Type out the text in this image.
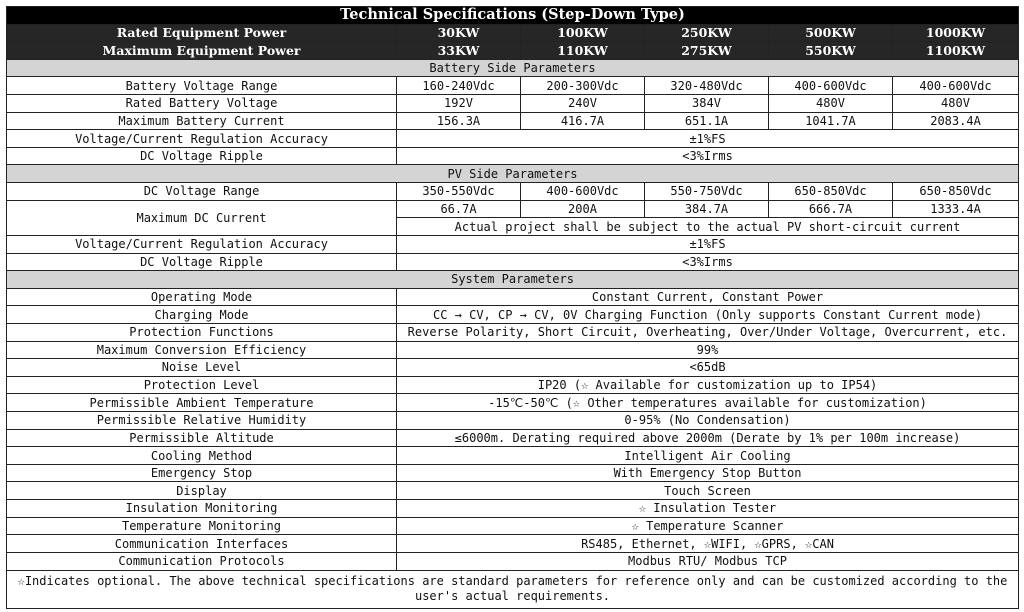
Technical Specifications (Step-Down Type)					
Rated Equipment Power	30KW	100KW	250KW	500KW	1000KW
Maximum Equipment Power	33KW	110KW	275KW	550KW	1100KW
Battery Side Parameters					
Battery Voltage Range	160-240Vdc	200-300Vdc	320-480Vdc	400-600Vdc	400-600Vdc
Rated Battery Voltage	192V	240V	384V	480V	480V
Maximum Battery Current	156.3A	416.7A	651.1A	1041.7A	2083.4A
Voltage/Current Regulation Accuracy	±1%FS				
DC Voltage Ripple	<3%Irms				
PV Side Parameters					
DC Voltage Range	350-550Vdc	400-600Vdc	550-750Vdc	650-850Vdc	650-850Vdc
Maximum DC Current	66.7A	200A	384.7A	666.7A	1333.4A
	Actual project shall be subject to the actual PV short-circuit current				
Voltage/Current Regulation Accuracy	±1%FS				
DC Voltage Ripple	<3%Irms				
System Parameters					
Operating Mode	Constant Current, Constant Power				
Charging Mode	CC → CV, CP → CV, 0V Charging Function (Only supports Constant Current mode)				
Protection Functions	Reverse Polarity, Short Circuit, Overheating, Over/Under Voltage, Overcurrent, etc.				
Maximum Conversion Efficiency	99%				
Noise Level	<65dB				
Protection Level	IP20 (☆ Available for customization up to IP54)				
Permissible Ambient Temperature	-15℃-50℃ (☆ Other temperatures available for customization)				
Permissible Relative Humidity	0-95% (No Condensation)				
Permissible Altitude	≤6000m. Derating required above 2000m (Derate by 1% per 100m increase)				
Cooling Method	Intelligent Air Cooling				
Emergency Stop	With Emergency Stop Button				
Display	Touch Screen				
Insulation Monitoring	☆ Insulation Tester				
Temperature Monitoring	☆ Temperature Scanner				
Communication Interfaces	RS485, Ethernet, ☆WIFI, ☆GPRS, ☆CAN				
Communication Protocols	Modbus RTU/ Modbus TCP				
☆Indicates optional. The above technical specifications are standard parameters for reference only and can be customized according to the user's actual requirements.					
